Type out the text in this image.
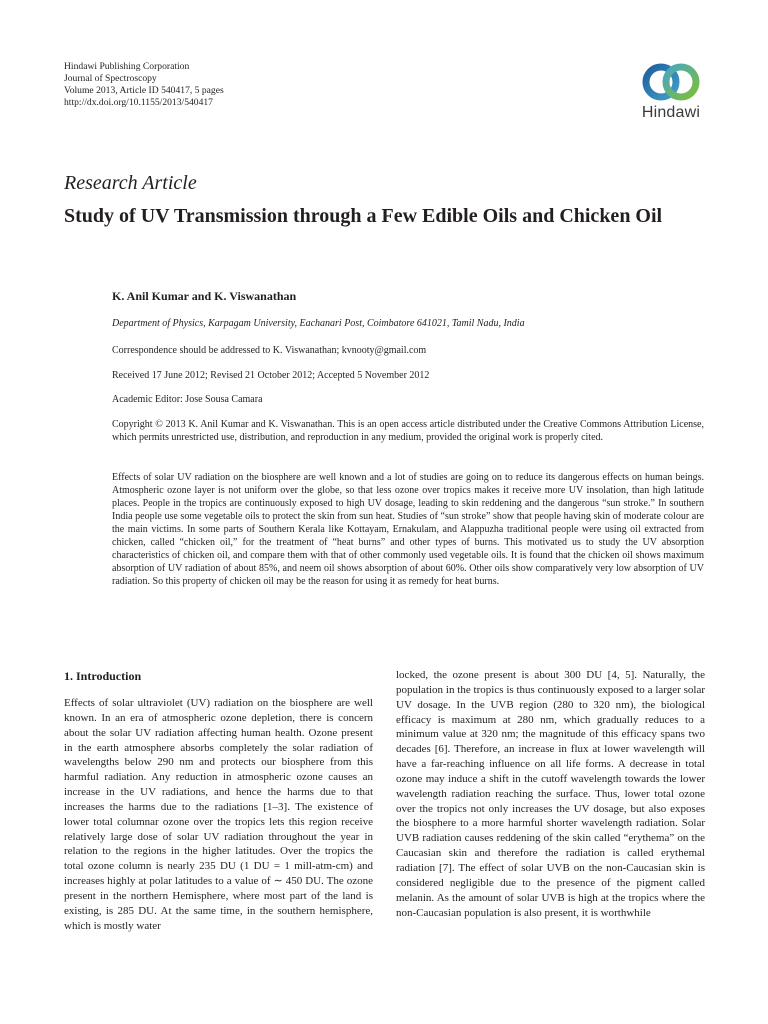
Hindawi Publishing Corporation
Journal of Spectroscopy
Volume 2013, Article ID 540417, 5 pages
http://dx.doi.org/10.1155/2013/540417
Hindawi
Research Article
Study of UV Transmission through a Few Edible Oils and Chicken Oil
K. Anil Kumar and K. Viswanathan
Department of Physics, Karpagam University, Eachanari Post, Coimbatore 641021, Tamil Nadu, India
Correspondence should be addressed to K. Viswanathan; kvnooty@gmail.com
Received 17 June 2012; Revised 21 October 2012; Accepted 5 November 2012
Academic Editor: Jose Sousa Camara
Copyright © 2013 K. Anil Kumar and K. Viswanathan. This is an open access article distributed under the Creative Commons Attribution License, which permits unrestricted use, distribution, and reproduction in any medium, provided the original work is properly cited.
Effects of solar UV radiation on the biosphere are well known and a lot of studies are going on to reduce its dangerous effects on human beings. Atmospheric ozone layer is not uniform over the globe, so that less ozone over tropics makes it receive more UV insolation, than high latitude places. People in the tropics are continuously exposed to high UV dosage, leading to skin reddening and the dangerous “sun stroke.” In southern India people use some vegetable oils to protect the skin from sun heat. Studies of “sun stroke” show that people having skin of moderate colour are the main victims. In some parts of Southern Kerala like Kottayam, Ernakulam, and Alappuzha traditional people were using oil extracted from chicken, called “chicken oil,” for the treatment of “heat burns” and other types of burns. This motivated us to study the UV absorption characteristics of chicken oil, and compare them with that of other commonly used vegetable oils. It is found that the chicken oil shows maximum absorption of UV radiation of about 85%, and neem oil shows absorption of about 60%. Other oils show comparatively very low absorption of UV radiation. So this property of chicken oil may be the reason for using it as remedy for heat burns.
1. Introduction
Effects of solar ultraviolet (UV) radiation on the biosphere are well known. In an era of atmospheric ozone depletion, there is concern about the solar UV radiation affecting human health. Ozone present in the earth atmosphere absorbs completely the solar radiation of wavelengths below 290 nm and protects our biosphere from this harmful radiation. Any reduction in atmospheric ozone causes an increase in the UV radiations, and hence the harms due to that increases the harms due to the radiations [1–3]. The existence of lower total columnar ozone over the tropics lets this region receive relatively large dose of solar UV radiation throughout the year in relation to the regions in the higher latitudes. Over the tropics the total ozone column is nearly 235 DU (1 DU = 1 mill-atm-cm) and increases highly at polar latitudes to a value of ∼ 450 DU. The ozone present in the northern Hemisphere, where most part of the land is existing, is 285 DU. At the same time, in the southern hemisphere, which is mostly water
locked, the ozone present is about 300 DU [4, 5]. Naturally, the population in the tropics is thus continuously exposed to a larger solar UV dosage. In the UVB region (280 to 320 nm), the biological efficacy is maximum at 280 nm, which gradually reduces to a minimum value at 320 nm; the magnitude of this efficacy spans two decades [6]. Therefore, an increase in flux at lower wavelength will have a far-reaching influence on all life forms. A decrease in total ozone may induce a shift in the cutoff wavelength towards the lower wavelength radiation reaching the surface. Thus, lower total ozone over the tropics not only increases the UV dosage, but also exposes the biosphere to a more harmful shorter wavelength radiation. Solar UVB radiation causes reddening of the skin called “erythema” on the Caucasian skin and therefore the radiation is called erythemal radiation [7]. The effect of solar UVB on the non-Caucasian skin is considered negligible due to the presence of the pigment called melanin. As the amount of solar UVB is high at the tropics where the non-Caucasian population is also present, it is worthwhile
